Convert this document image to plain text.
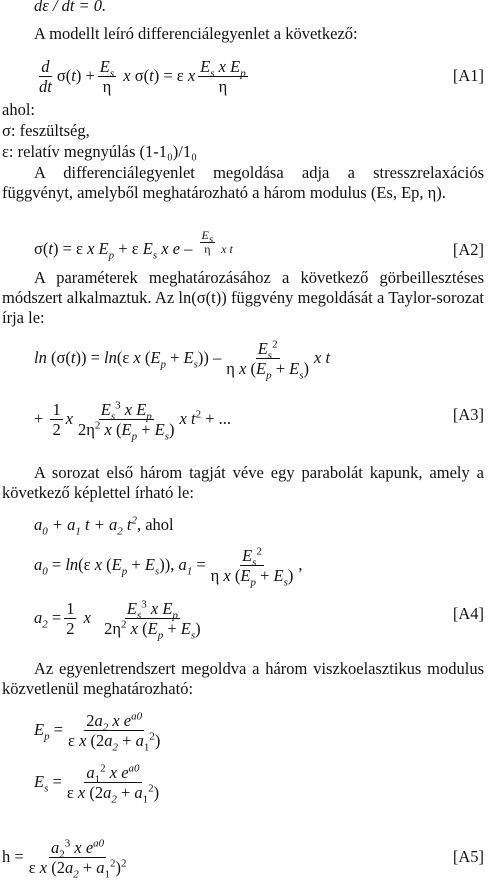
dε / dt = 0.

A modellt leíró differenciálegyenlet a következő:

$\frac{d}{dt} \sigma(t) + \frac{E_s}{\eta}$ x σ(t) = ε x $\frac{E_s x E_p}{\eta}$	[A1]

ahol:

σ: feszültség,

ε: relatív megnyúlás (1-1₀)/1₀

A differenciálegyenlet megoldása adja a stresszrelaxációs függvényt, amelyből meghatározható a három modulus (Es, Ep, η).

σ(t) = ε x $E_p + \varepsilon$ $E_s$ x e – $\frac{E_s}{\eta}$ x t	[A2]

A paraméterek meghatározásához a következő görbeillesztéses módszert alkalmaztuk. Az ln(σ(t)) függvény megoldását a Taylor-sorozat írja le:

ln (σ(t)) = ln(ε x $(E_p + E_s)) - \frac{E_s^2}{\eta x (E_p + E_s)}$ x t
+ $\frac{1}{2}$ x $\frac{E_s^3 x E_p}{2\eta^2 x (E_p + E_s)}$ x $t^2$ + ...	[A3]

A sorozat első három tagját véve egy parabolát kapunk, amely a következő képlettel írható le:

$a_0 + a_1$ $t + a_2$ $t^2$, ahol
$a_0 = \ln(\varepsilon$ x $(E_p + E_s)$), $a_1 = \frac{E_s^2}{\eta x (E_p + E_s)}$ ,
$a_2 = \frac{1}{2}$ x $\frac{E_s^3 x E_p}{2\eta^2 x (E_p + E_s)}$	[A4]

Az egyenletrendszert megoldva a három viszkoelasztikus modulus közvetlenül meghatározható:

$E_p = \frac{2a_2 x e^{a0}}{\varepsilon x (2a_2 + a_1^2)}$
$E_s = \frac{a_1^2 x e^{a0}}{\varepsilon x (2a_2 + a_1^2)}$
$h = \frac{a_2^3 x e^{a0}}{\varepsilon x (2a_2 + a_1^2)^2}$	[A5]
